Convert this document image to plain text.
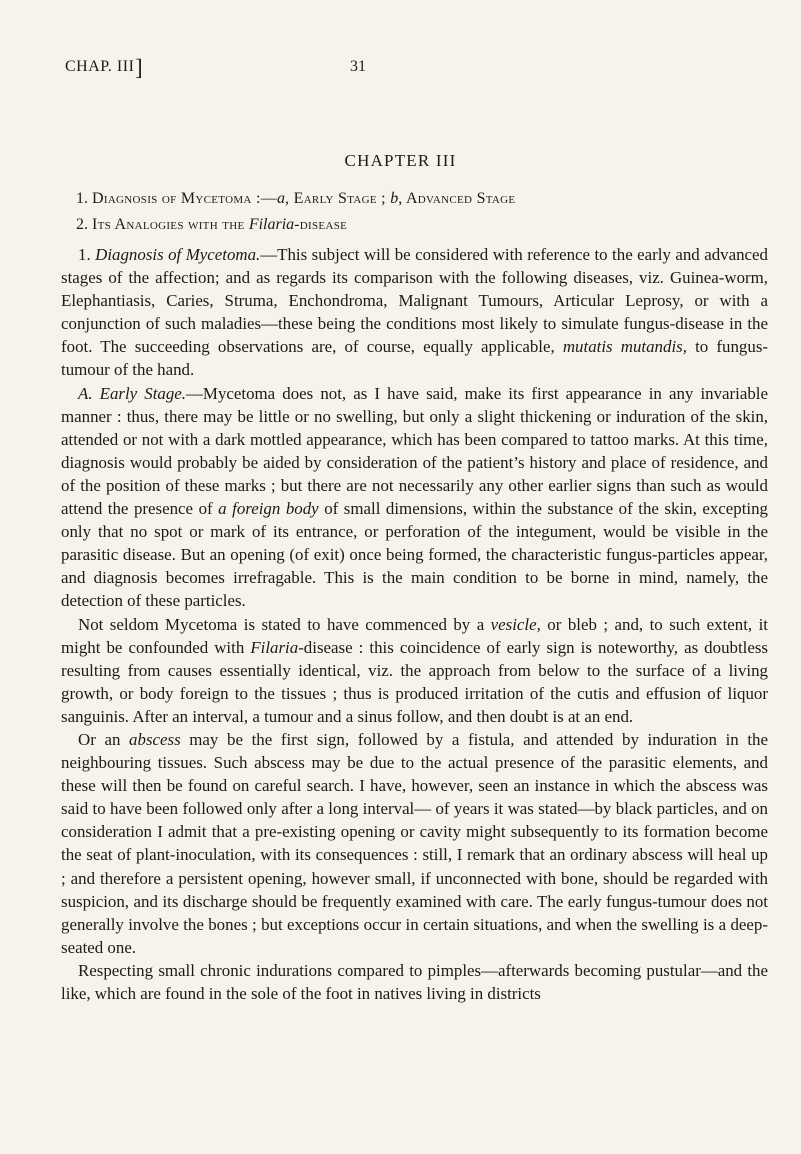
CHAP. III ]	31
CHAPTER III

1. Diagnosis of Mycetoma :—a, Early Stage ; b, Advanced Stage

2. Its Analogies with the Filaria-disease

1. Diagnosis of Mycetoma.—This subject will be considered with reference to the early and advanced stages of the affection; and as regards its comparison with the following diseases, viz. Guinea-worm, Elephantiasis, Caries, Struma, Enchondroma, Malignant Tumours, Articular Leprosy, or with a conjunction of such maladies—these being the conditions most likely to simulate fungus-disease in the foot. The succeeding observations are, of course, equally applicable, mutatis mutandis, to fungus-tumour of the hand.

A. Early Stage.—Mycetoma does not, as I have said, make its first appearance in any invariable manner : thus, there may be little or no swelling, but only a slight thickening or induration of the skin, attended or not with a dark mottled appearance, which has been compared to tattoo marks. At this time, diagnosis would probably be aided by consideration of the patient’s history and place of residence, and of the position of these marks ; but there are not necessarily any other earlier signs than such as would attend the presence of a foreign body of small dimensions, within the substance of the skin, excepting only that no spot or mark of its entrance, or perforation of the integument, would be visible in the parasitic disease. But an opening (of exit) once being formed, the characteristic fungus-particles appear, and diagnosis becomes irrefragable. This is the main condition to be borne in mind, namely, the detection of these particles.

Not seldom Mycetoma is stated to have commenced by a vesicle, or bleb ; and, to such extent, it might be confounded with Filaria-disease : this coincidence of early sign is noteworthy, as doubtless resulting from causes essentially identical, viz. the approach from below to the surface of a living growth, or body foreign to the tissues ; thus is produced irritation of the cutis and effusion of liquor sanguinis. After an interval, a tumour and a sinus follow, and then doubt is at an end.

Or an abscess may be the first sign, followed by a fistula, and attended by induration in the neighbouring tissues. Such abscess may be due to the actual presence of the parasitic elements, and these will then be found on careful search. I have, however, seen an instance in which the abscess was said to have been followed only after a long interval— of years it was stated—by black particles, and on consideration I admit that a pre-existing opening or cavity might subsequently to its formation become the seat of plant-inoculation, with its consequences : still, I remark that an ordinary abscess will heal up ; and therefore a persistent opening, however small, if unconnected with bone, should be regarded with suspicion, and its discharge should be frequently examined with care. The early fungus-tumour does not generally involve the bones ; but exceptions occur in certain situations, and when the swelling is a deep-seated one.

Respecting small chronic indurations compared to pimples—afterwards becoming pustular—and the like, which are found in the sole of the foot in natives living in districts
